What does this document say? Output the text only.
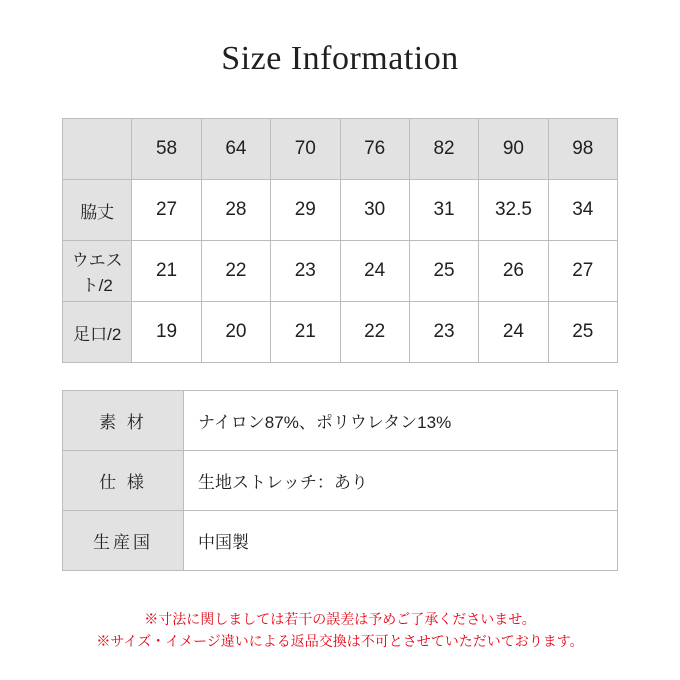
Size Information
	58	64	70	76	82	90	98
脇丈	27	28	29	30	31	32.5	34
ウエスト/2	21	22	23	24	25	26	27
足口/2	19	20	21	22	23	24	25
素 材	ナイロン87%、ポリウレタン13%
仕 様	生地ストレッチ：あり
生産国	中国製
※寸法に関しましては若干の誤差は予めご了承くださいませ。
※サイズ・イメージ違いによる返品交換は不可とさせていただいております。
